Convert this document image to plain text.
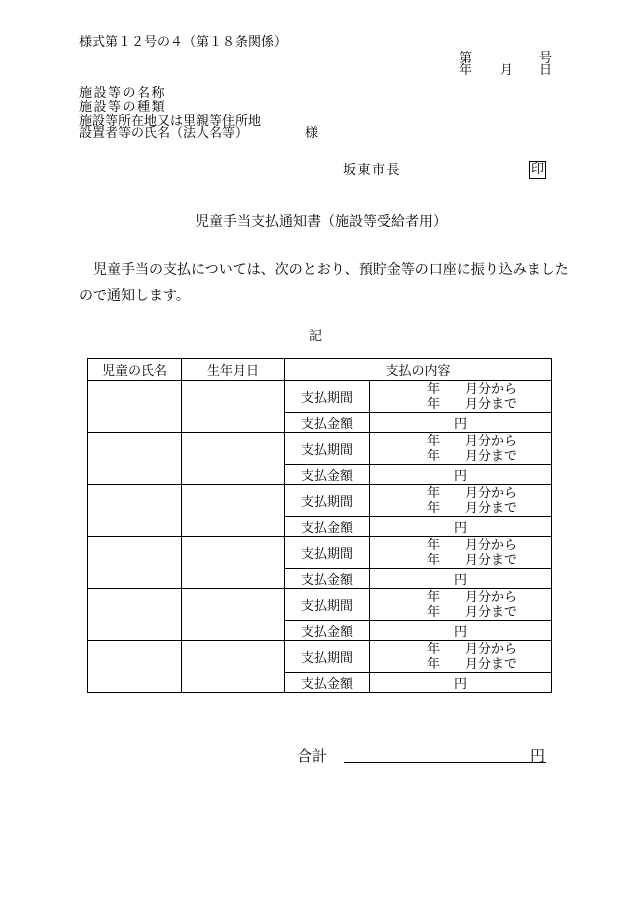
様式第１２号の４（第１８条関係）
第	号
年 月 日
施設等の名称
施設等の種類
施設等所在地又は里親等住所地
設置者等の氏名（法人名等）	様
坂東市長	印
児童手当支払通知書（施設等受給者用）
児童手当の支払については、次のとおり、預貯金等の口座に振り込みました
ので通知します。
記
児童の氏名	生年月日	支払の内容	
		支払期間	年 月分から
年 月分まで

		支払金額	円
		支払期間	年 月分から
年 月分まで

		支払金額	円
		支払期間	年 月分から
年 月分まで

		支払金額	円
		支払期間	年 月分から
年 月分まで

		支払金額	円
		支払期間	年 月分から
年 月分まで

		支払金額	円
		支払期間	年 月分から
年 月分まで

		支払金額	円
合計	円
